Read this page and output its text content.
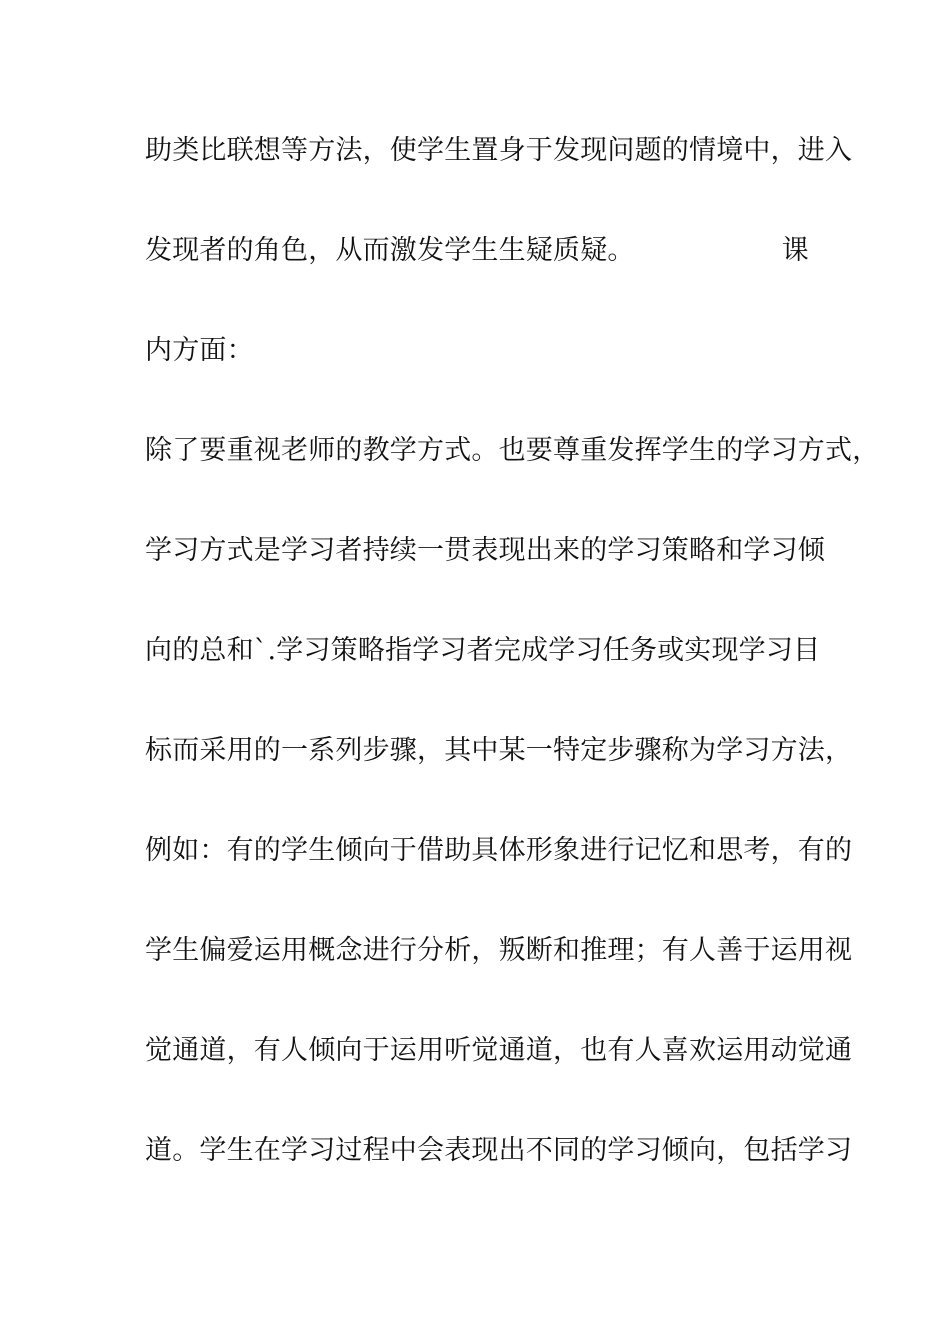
助类比联想等方法，使学生置身于发现问题的情境中，进入
发现者的角色，从而激发学生生疑质疑。	课
内方面：
除了要重视老师的教学方式。也要尊重发挥学生的学习方式，
学习方式是学习者持续一贯表现出来的学习策略和学习倾
向的总和`.学习策略指学习者完成学习任务或实现学习目
标而采用的一系列步骤，其中某一特定步骤称为学习方法，
例如：有的学生倾向于借助具体形象进行记忆和思考，有的
学生偏爱运用概念进行分析，叛断和推理；有人善于运用视
觉通道，有人倾向于运用听觉通道，也有人喜欢运用动觉通
道。学生在学习过程中会表现出不同的学习倾向，包括学习
